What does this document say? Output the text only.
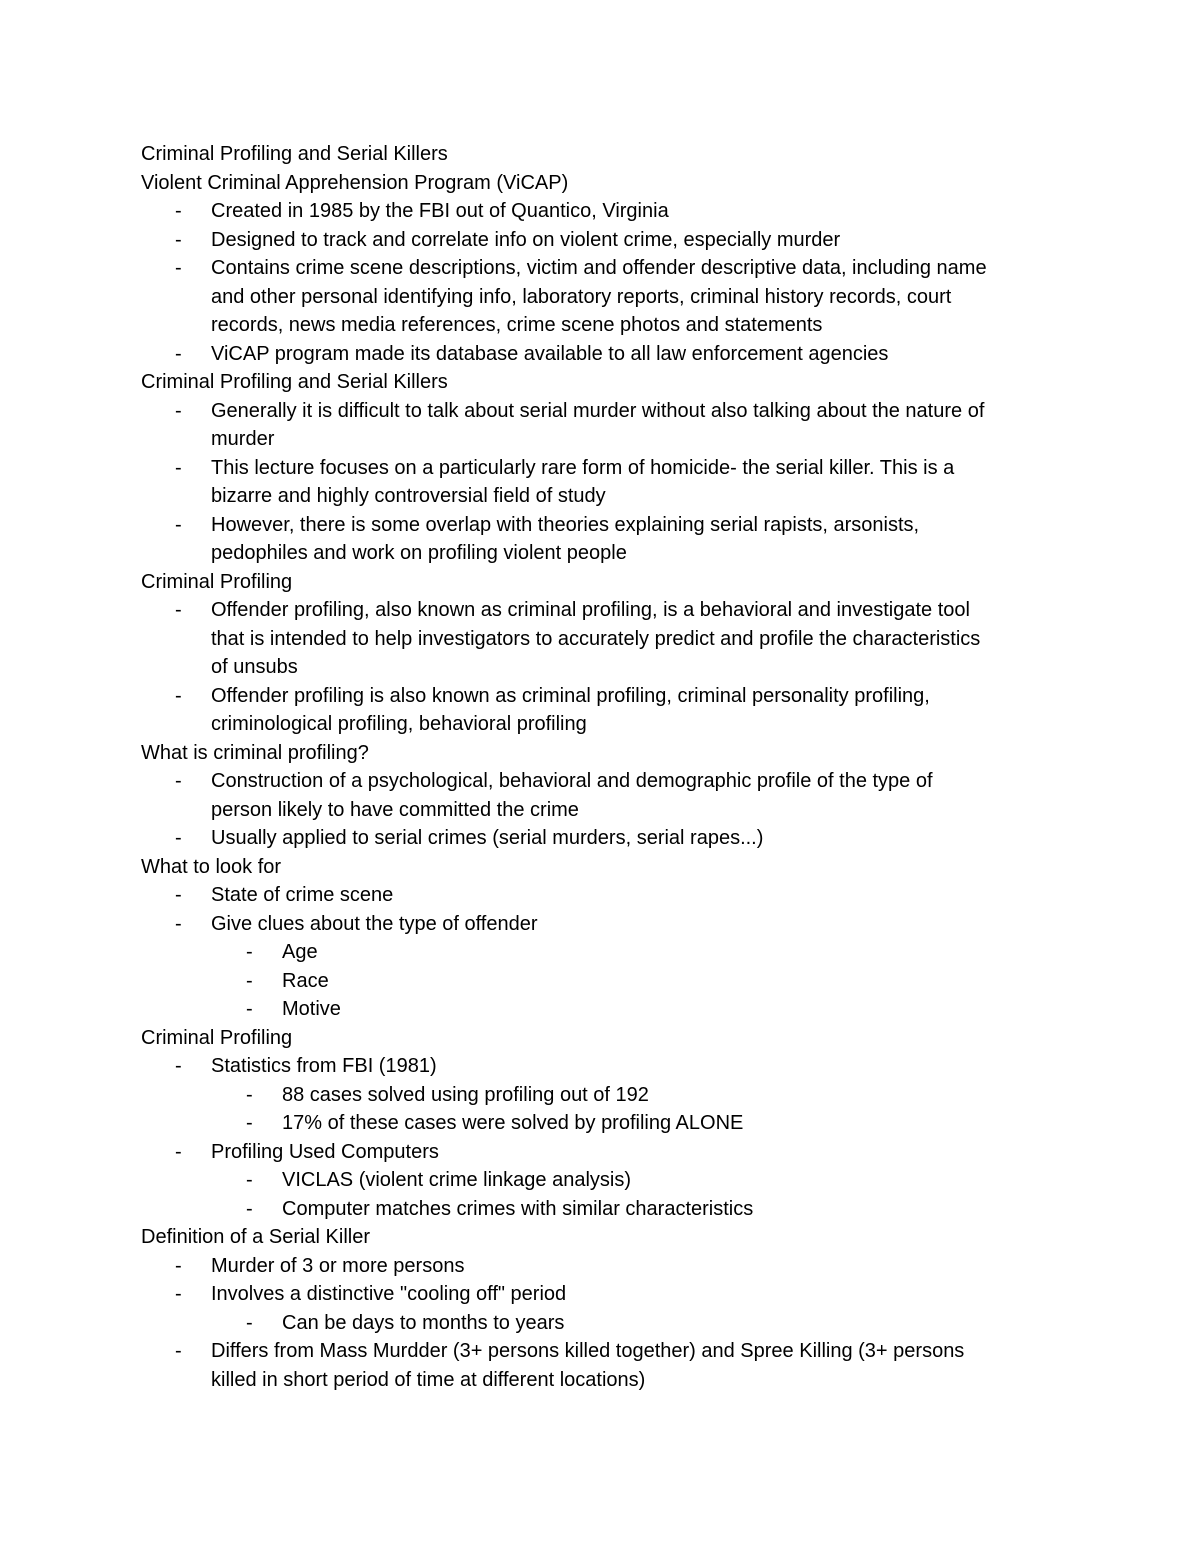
Criminal Profiling and Serial Killers
Violent Criminal Apprehension Program (ViCAP)
- Created in 1985 by the FBI out of Quantico, Virginia
- Designed to track and correlate info on violent crime, especially murder
- Contains crime scene descriptions, victim and offender descriptive data, including name
and other personal identifying info, laboratory reports, criminal history records, court
records, news media references, crime scene photos and statements
- ViCAP program made its database available to all law enforcement agencies
Criminal Profiling and Serial Killers
- Generally it is difficult to talk about serial murder without also talking about the nature of
murder
- This lecture focuses on a particularly rare form of homicide- the serial killer. This is a
bizarre and highly controversial field of study
- However, there is some overlap with theories explaining serial rapists, arsonists,
pedophiles and work on profiling violent people
Criminal Profiling
- Offender profiling, also known as criminal profiling, is a behavioral and investigate tool
that is intended to help investigators to accurately predict and profile the characteristics
of unsubs
- Offender profiling is also known as criminal profiling, criminal personality profiling,
criminological profiling, behavioral profiling
What is criminal profiling?
- Construction of a psychological, behavioral and demographic profile of the type of
person likely to have committed the crime
- Usually applied to serial crimes (serial murders, serial rapes...)
What to look for
- State of crime scene
- Give clues about the type of offender
- Age
- Race
- Motive
Criminal Profiling
- Statistics from FBI (1981)
- 88 cases solved using profiling out of 192
- 17% of these cases were solved by profiling ALONE
- Profiling Used Computers
- VICLAS (violent crime linkage analysis)
- Computer matches crimes with similar characteristics
Definition of a Serial Killer
- Murder of 3 or more persons
- Involves a distinctive "cooling off" period
- Can be days to months to years
- Differs from Mass Murdder (3+ persons killed together) and Spree Killing (3+ persons
killed in short period of time at different locations)
